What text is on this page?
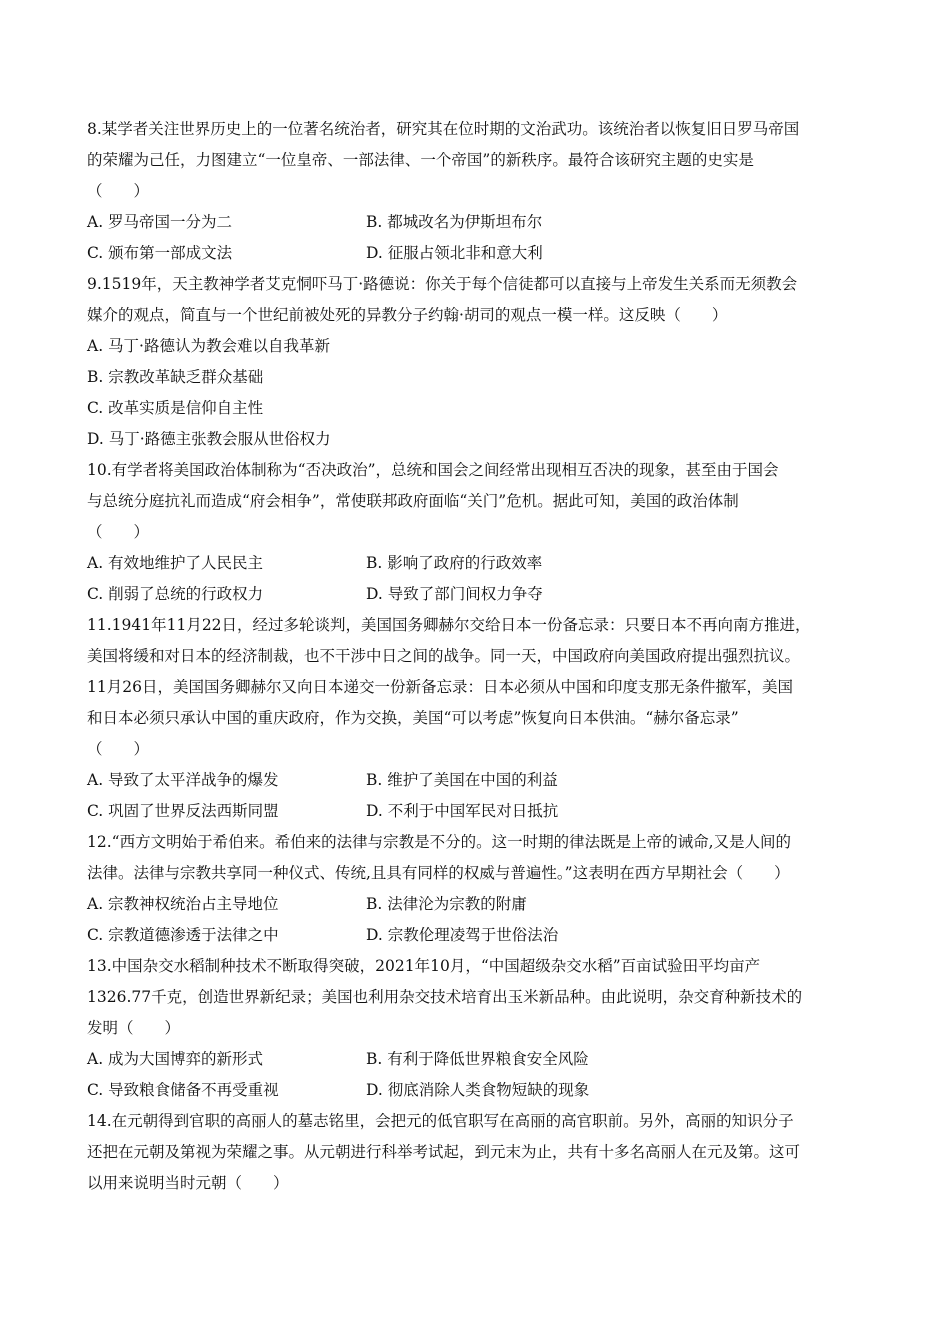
8.某学者关注世界历史上的一位著名统治者，研究其在位时期的文治武功。该统治者以恢复旧日罗马帝国
的荣耀为己任，力图建立“一位皇帝、一部法律、一个帝国”的新秩序。最符合该研究主题的史实是
（　　）
A. 罗马帝国一分为二	B. 都城改名为伊斯坦布尔
C. 颁布第一部成文法	D. 征服占领北非和意大利
9.1519年，天主教神学者艾克恫吓马丁·路德说：你关于每个信徒都可以直接与上帝发生关系而无须教会
媒介的观点，简直与一个世纪前被处死的异教分子约翰·胡司的观点一模一样。这反映（　　）
A. 马丁·路德认为教会难以自我革新
B. 宗教改革缺乏群众基础
C. 改革实质是信仰自主性
D. 马丁·路德主张教会服从世俗权力
10.有学者将美国政治体制称为“否决政治”，总统和国会之间经常出现相互否决的现象，甚至由于国会
与总统分庭抗礼而造成“府会相争”，常使联邦政府面临“关门”危机。据此可知，美国的政治体制
（　　）
A. 有效地维护了人民民主	B. 影响了政府的行政效率
C. 削弱了总统的行政权力	D. 导致了部门间权力争夺
11.1941年11月22日，经过多轮谈判，美国国务卿赫尔交给日本一份备忘录：只要日本不再向南方推进，
美国将缓和对日本的经济制裁，也不干涉中日之间的战争。同一天，中国政府向美国政府提出强烈抗议。
11月26日，美国国务卿赫尔又向日本递交一份新备忘录：日本必须从中国和印度支那无条件撤军，美国
和日本必须只承认中国的重庆政府，作为交换，美国“可以考虑”恢复向日本供油。“赫尔备忘录”
（　　）
A. 导致了太平洋战争的爆发	B. 维护了美国在中国的利益
C. 巩固了世界反法西斯同盟	D. 不利于中国军民对日抵抗
12.“西方文明始于希伯来。希伯来的法律与宗教是不分的。这一时期的律法既是上帝的诫命,又是人间的
法律。法律与宗教共享同一种仪式、传统,且具有同样的权威与普遍性。”这表明在西方早期社会（　　）
A. 宗教神权统治占主导地位	B. 法律沦为宗教的附庸
C. 宗教道德渗透于法律之中	D. 宗教伦理凌驾于世俗法治
13.中国杂交水稻制种技术不断取得突破，2021年10月，“中国超级杂交水稻”百亩试验田平均亩产
1326.77千克，创造世界新纪录；美国也利用杂交技术培育出玉米新品种。由此说明，杂交育种新技术的
发明（　　）
A. 成为大国博弈的新形式	B. 有利于降低世界粮食安全风险
C. 导致粮食储备不再受重视	D. 彻底消除人类食物短缺的现象
14.在元朝得到官职的高丽人的墓志铭里，会把元的低官职写在高丽的高官职前。另外，高丽的知识分子
还把在元朝及第视为荣耀之事。从元朝进行科举考试起，到元末为止，共有十多名高丽人在元及第。这可
以用来说明当时元朝（　　）
